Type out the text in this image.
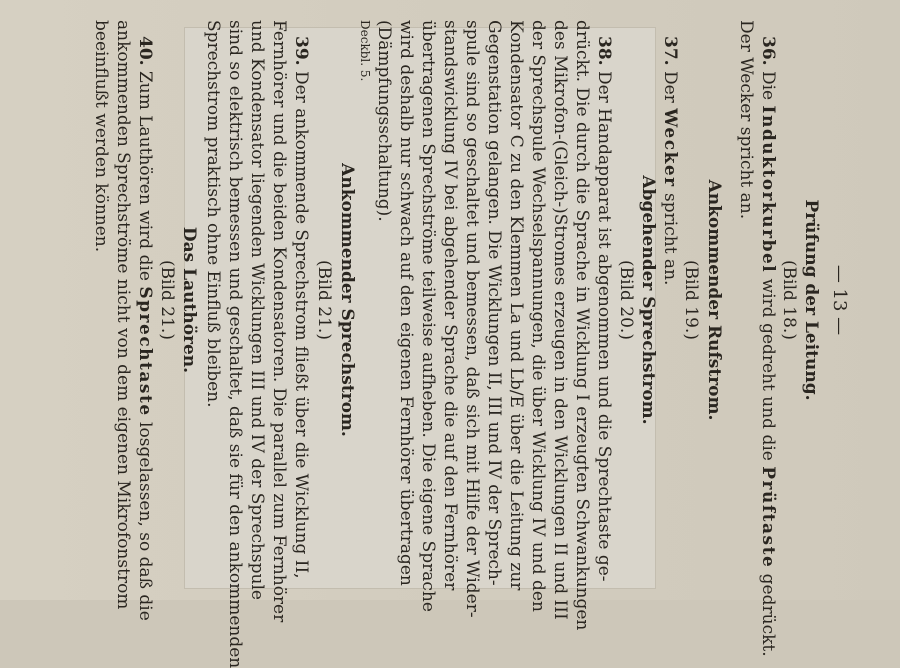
— 13 —
Prüfung der Leitung.
(Bild 18.)
36. Die Induktorkurbel wird gedreht und die Prüftaste gedrückt.
Der Wecker spricht an.
Ankommender Rufstrom.
(Bild 19.)
37. Der Wecker spricht an.
Abgehender Sprechstrom.
(Bild 20.)
38. Der Handapparat ist abgenommen und die Sprechtaste ge-
drückt. Die durch die Sprache in Wicklung I erzeugten Schwankungen
des Mikrofon-(Gleich-)Stromes erzeugen in den Wicklungen II und III
der Sprechspule Wechselspannungen, die über Wicklung IV und den
Kondensator C zu den Klemmen La und Lb/E über die Leitung zur
Gegenstation gelangen. Die Wicklungen II, III und IV der Sprech-
spule sind so geschaltet und bemessen, daß sich mit Hilfe der Wider-
standswicklung IV bei abgehender Sprache die auf den Fernhörer
übertragenen Sprechströme teilweise aufheben. Die eigene Sprache
wird deshalb nur schwach auf den eigenen Fernhörer übertragen
(Dämpfungsschaltung).
Ankommender Sprechstrom.
(Bild 21.)
39. Der ankommende Sprechstrom fließt über die Wicklung II,
Fernhörer und die beiden Kondensatoren. Die parallel zum Fernhörer
und Kondensator liegenden Wicklungen III und IV der Sprechspule
sind so elektrisch bemessen und geschaltet, daß sie für den ankommenden
Sprechstrom praktisch ohne Einfluß bleiben.
Das Lauthören.
(Bild 21.)
40. Zum Lauthören wird die Sprechtaste losgelassen, so daß die
ankommenden Sprechströme nicht von dem eigenen Mikrofonstrom
beeinflußt werden können.	Deckbl. 5.
